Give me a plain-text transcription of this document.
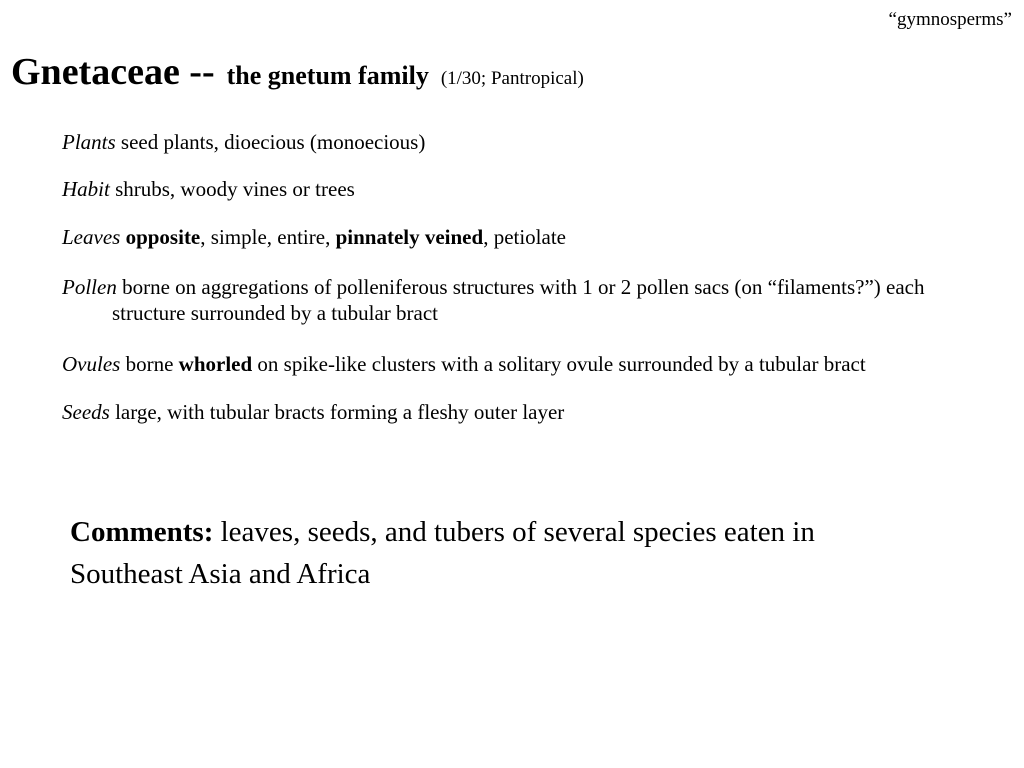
“gymnosperms”
Gnetaceae -- the gnetum family (1/30; Pantropical)
Plants seed plants, dioecious (monoecious)
Habit shrubs, woody vines or trees
Leaves opposite, simple, entire, pinnately veined, petiolate
Pollen borne on aggregations of polleniferous structures with 1 or 2 pollen sacs (on “filaments?”) each structure surrounded by a tubular bract
Ovules borne whorled on spike-like clusters with a solitary ovule surrounded by a tubular bract
Seeds large, with tubular bracts forming a fleshy outer layer
Comments: leaves, seeds, and tubers of several species eaten in Southeast Asia and Africa
